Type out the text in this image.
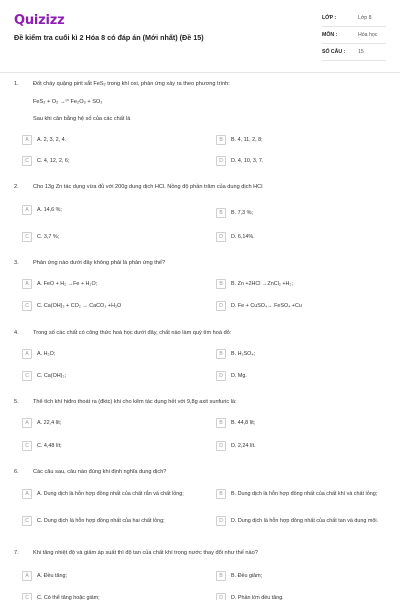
Quizizz
Đề kiểm tra cuối kì 2 Hóa 8 có đáp án (Mới nhất) (Đề 15)
LỚP :	Lớp 8
MÔN :	Hóa học
SỐ CÂU :	15
1.	Đốt cháy quặng pirit sắt FeS₂ trong khí oxi, phản ứng xảy ra theo phương trình:
FeS₂ + O₂ →ᵗ° Fe₂O₃ + SO₂
Sau khi cân bằng hệ số của các chất là
A	A. 2, 3, 2, 4.	B	B. 4, 11, 2, 8;
C	C. 4, 12, 2, 6;	D	D. 4, 10, 3, 7.
2.	Cho 13g Zn tác dụng vừa đủ với 200g dung dịch HCl. Nồng độ phần trăm của dung dịch HCl
A	A. 14,6 %;
B	B. 7,3 %;
C	C. 3,7 %;	D	D. 6,14%.
3.	Phản ứng nào dưới đây không phải là phản ứng thế?
A	A. FeO + H₂ →Fe + H₂O;	B	B. Zn +2HCl →ZnCl₂ +H₂;
C	C. Ca(OH)₂ + CO₂ → CaCO₃ +H₂O	D	D. Fe + CuSO₄→ FeSO₄ +Cu
4.	Trong số các chất có công thức hoá học dưới đây, chất nào làm quỳ tím hoá đỏ:
A	A. H₂O;	B	B. H₂SO₄;
C	C. Ca(OH)₂;	D	D. Mg.
5.	Thể tích khí hiđro thoát ra (đktc) khi cho kẽm tác dụng hết với 9,8g axit sunfuric là:
A	A. 22,4 lít;	B	B. 44,8 lít;
C	C. 4,48 lít;	D	D. 2,24 lít.
6.	Các câu sau, câu nào đúng khi định nghĩa dung dịch?
A	A. Dung dịch là hỗn hợp đồng nhất của chất rắn và chất lỏng;	B	B. Dung dịch là hỗn hợp đồng nhất của chất khí và chất lỏng;
C	C. Dung dịch là hỗn hợp đồng nhất của hai chất lỏng;	D	D. Dung dịch là hỗn hợp đồng nhất của chất tan và dung môi.
7.	Khi tăng nhiệt độ và giảm áp suất thì độ tan của chất khí trong nước thay đổi như thế nào?
A	A. Đều tăng;	B	B. Đều giảm;
C	C. Có thể tăng hoặc giảm;	D	D. Phần lớn đều tăng.
